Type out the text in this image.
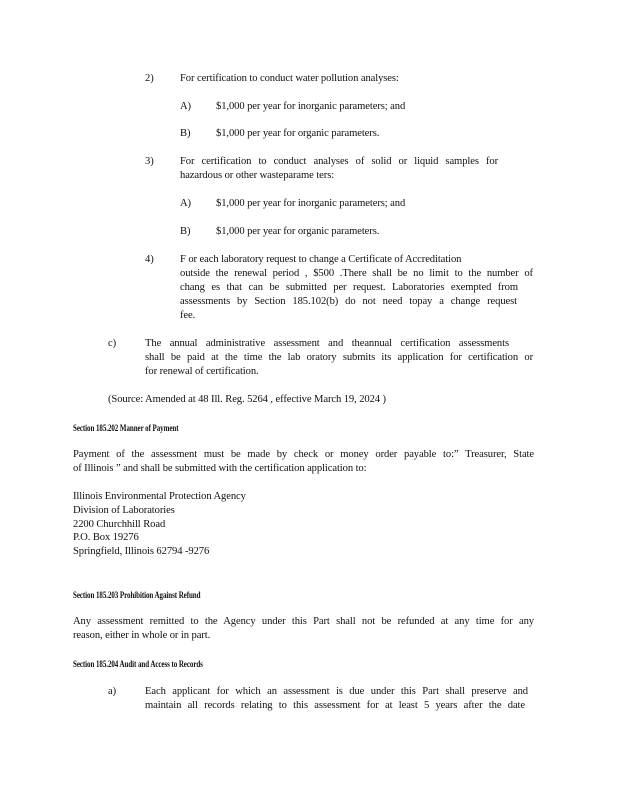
2) For certification to conduct water pollution analyses:
A) $1,000 per year for inorganic parameters; and
B) $1,000 per year for organic parameters.
3) For certification to conduct analyses of solid or liquid samples for
hazardous or other wasteparame ters:
A) $1,000 per year for inorganic parameters; and
B) $1,000 per year for organic parameters.
4) F or each laboratory request to change a Certificate of Accreditation
outside the renewal period , $500 .There shall be no limit to the number of
chang es that can be submitted per request. Laboratories exempted from
assessments by Section 185.102(b) do not need topay a change request
fee.
c)	The annual administrative assessment and theannual certification assessments
shall be paid at the time the lab oratory submits its application for certification or
for renewal of certification.
(Source: Amended at 48 Ill. Reg. 5264 , effective March 19, 2024 )
Section 185.202 Manner of Payment
Payment of the assessment must be made by check or money order payable to:” Treasurer, State
of Illinois ” and shall be submitted with the certification application to:
Illinois Environmental Protection Agency
Division of Laboratories
2200 Churchhill Road
P.O. Box 19276
Springfield, Illinois 62794 -9276
Section 185.203 Prohibition Against Refund
Any assessment remitted to the Agency under this Part shall not be refunded at any time for any
reason, either in whole or in part.
Section 185.204 Audit and Access to Records
a)	Each applicant for which an assessment is due under this Part shall preserve and
maintain all records relating to this assessment for at least 5 years after the date
